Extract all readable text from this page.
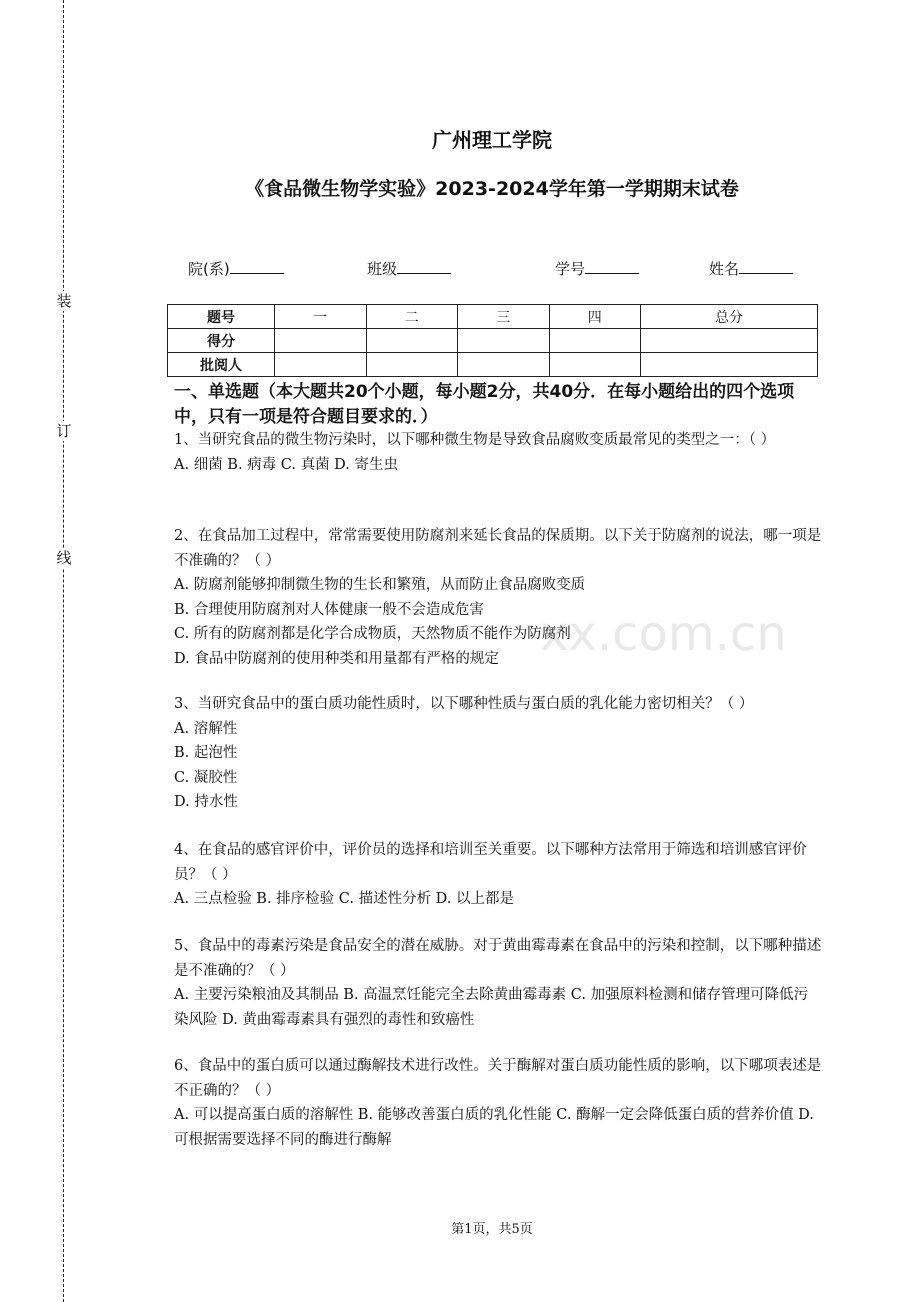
装
订
线
广州理工学院
《食品微生物学实验》2023-2024学年第一学期期末试卷
院(系)	班级	学号	姓名
题号	一	二	三	四	总分
得分					
批阅人					
一、单选题（本大题共20个小题，每小题2分，共40分．在每小题给出的四个选项中，只有一项是符合题目要求的．）
xx.com.cn

1、当研究食品的微生物污染时，以下哪种微生物是导致食品腐败变质最常见的类型之一：（ ）

A. 细菌 B. 病毒 C. 真菌 D. 寄生虫

2、在食品加工过程中，常常需要使用防腐剂来延长食品的保质期。以下关于防腐剂的说法，哪一项是不准确的？（ ）

A. 防腐剂能够抑制微生物的生长和繁殖，从而防止食品腐败变质

B. 合理使用防腐剂对人体健康一般不会造成危害

C. 所有的防腐剂都是化学合成物质，天然物质不能作为防腐剂

D. 食品中防腐剂的使用种类和用量都有严格的规定

3、当研究食品中的蛋白质功能性质时，以下哪种性质与蛋白质的乳化能力密切相关？（ ）

A. 溶解性

B. 起泡性

C. 凝胶性

D. 持水性

4、在食品的感官评价中，评价员的选择和培训至关重要。以下哪种方法常用于筛选和培训感官评价员？（ ）

A. 三点检验 B. 排序检验 C. 描述性分析 D. 以上都是

5、食品中的毒素污染是食品安全的潜在威胁。对于黄曲霉毒素在食品中的污染和控制，以下哪种描述是不准确的？（ ）

A. 主要污染粮油及其制品 B. 高温烹饪能完全去除黄曲霉毒素 C. 加强原料检测和储存管理可降低污染风险 D. 黄曲霉毒素具有强烈的毒性和致癌性

6、食品中的蛋白质可以通过酶解技术进行改性。关于酶解对蛋白质功能性质的影响，以下哪项表述是不正确的？（ ）

A. 可以提高蛋白质的溶解性 B. 能够改善蛋白质的乳化性能 C. 酶解一定会降低蛋白质的营养价值 D. 可根据需要选择不同的酶进行酶解

第1页，共5页
